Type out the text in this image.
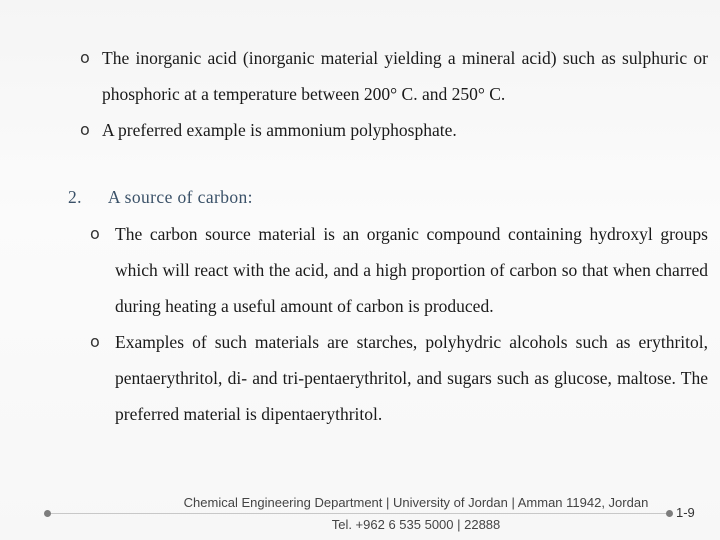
o The inorganic acid (inorganic material yielding a mineral acid) such as sulphuric or phosphoric at a temperature between 200° C. and 250° C.

o A preferred example is ammonium polyphosphate.

2. A source of carbon:
o The carbon source material is an organic compound containing hydroxyl groups which will react with the acid, and a high proportion of carbon so that when charred during heating a useful amount of carbon is produced.

o Examples of such materials are starches, polyhydric alcohols such as erythritol, pentaerythritol, di- and tri-pentaerythritol, and sugars such as glucose, maltose. The preferred material is dipentaerythritol.

Chemical Engineering Department | University of Jordan | Amman 11942, Jordan
Tel. +962 6 535 5000 | 22888
1-9
